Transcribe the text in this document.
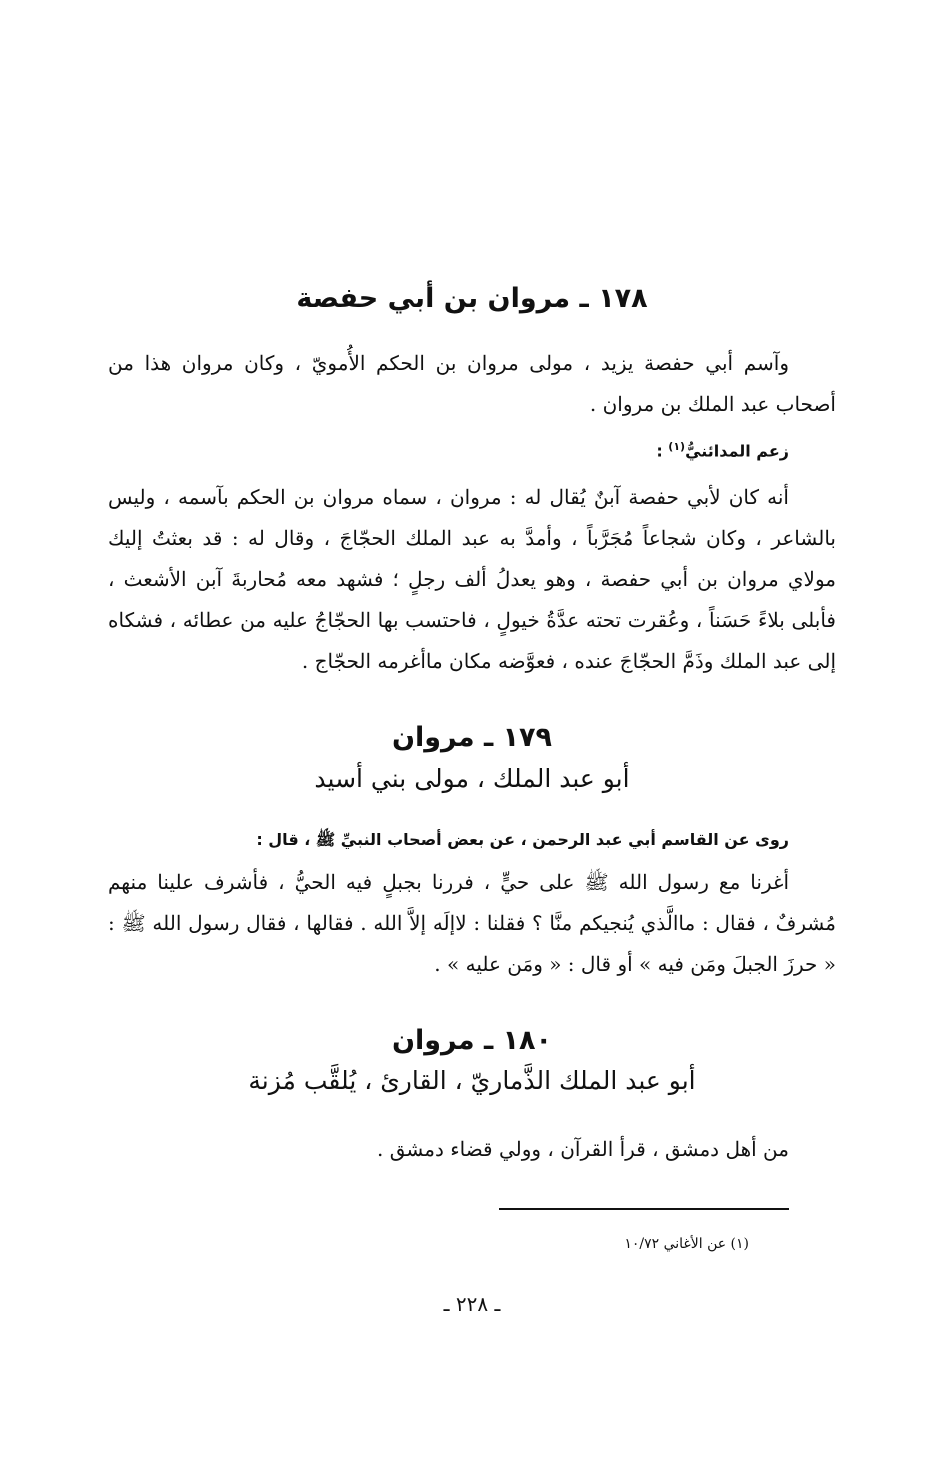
١٧٨ ـ مروان بن أبي حفصة

وآسم أبي حفصة يزيد ، مولى مروان بن الحكم الأُمويّ ، وكان مروان هذا من أصحاب عبد الملك بن مروان .

زعم المدائنيُّ$^{(١)}$ :

أنه كان لأبي حفصة آبنٌ يُقال له : مروان ، سماه مروان بن الحكم بآسمه ، وليس بالشاعر ، وكان شجاعاً مُجَرَّباً ، وأمدَّ به عبد الملك الحجّاجَ ، وقال له : قد بعثتُ إليك مولاي مروان بن أبي حفصة ، وهو يعدلُ ألف رجلٍ ؛ فشهد معه مُحاربةَ آبن الأشعث ، فأبلى بلاءً حَسَناً ، وعُقرت تحته عدَّةُ خيولٍ ، فاحتسب بها الحجّاجُ عليه من عطائه ، فشكاه إلى عبد الملك وذَمَّ الحجّاجَ عنده ، فعوَّضه مكان ماأغرمه الحجّاج .

١٧٩ ـ مروان
أبو عبد الملك ، مولى بني أسيد
روى عن القاسم أبي عبد الرحمن ، عن بعض أصحاب النبيِّ ﷺ ، قال :

أغرنا مع رسول الله ﷺ على حيٍّ ، فررنا بجبلٍ فيه الحيُّ ، فأشرف علينا منهم مُشرفٌ ، فقال : ماالَّذي يُنجيكم منَّا ؟ فقلنا : لاإلَه إلاَّ الله . فقالها ، فقال رسول الله ﷺ : « حرزَ الجبلَ ومَن فيه » أو قال : « ومَن عليه » .

١٨٠ ـ مروان
أبو عبد الملك الذَّماريّ ، القارئ ، يُلقَّب مُزنة

من أهل دمشق ، قرأ القرآن ، وولي قضاء دمشق .

(١) عن الأغاني ١٠/٧٢
ـ ٢٢٨ ـ
